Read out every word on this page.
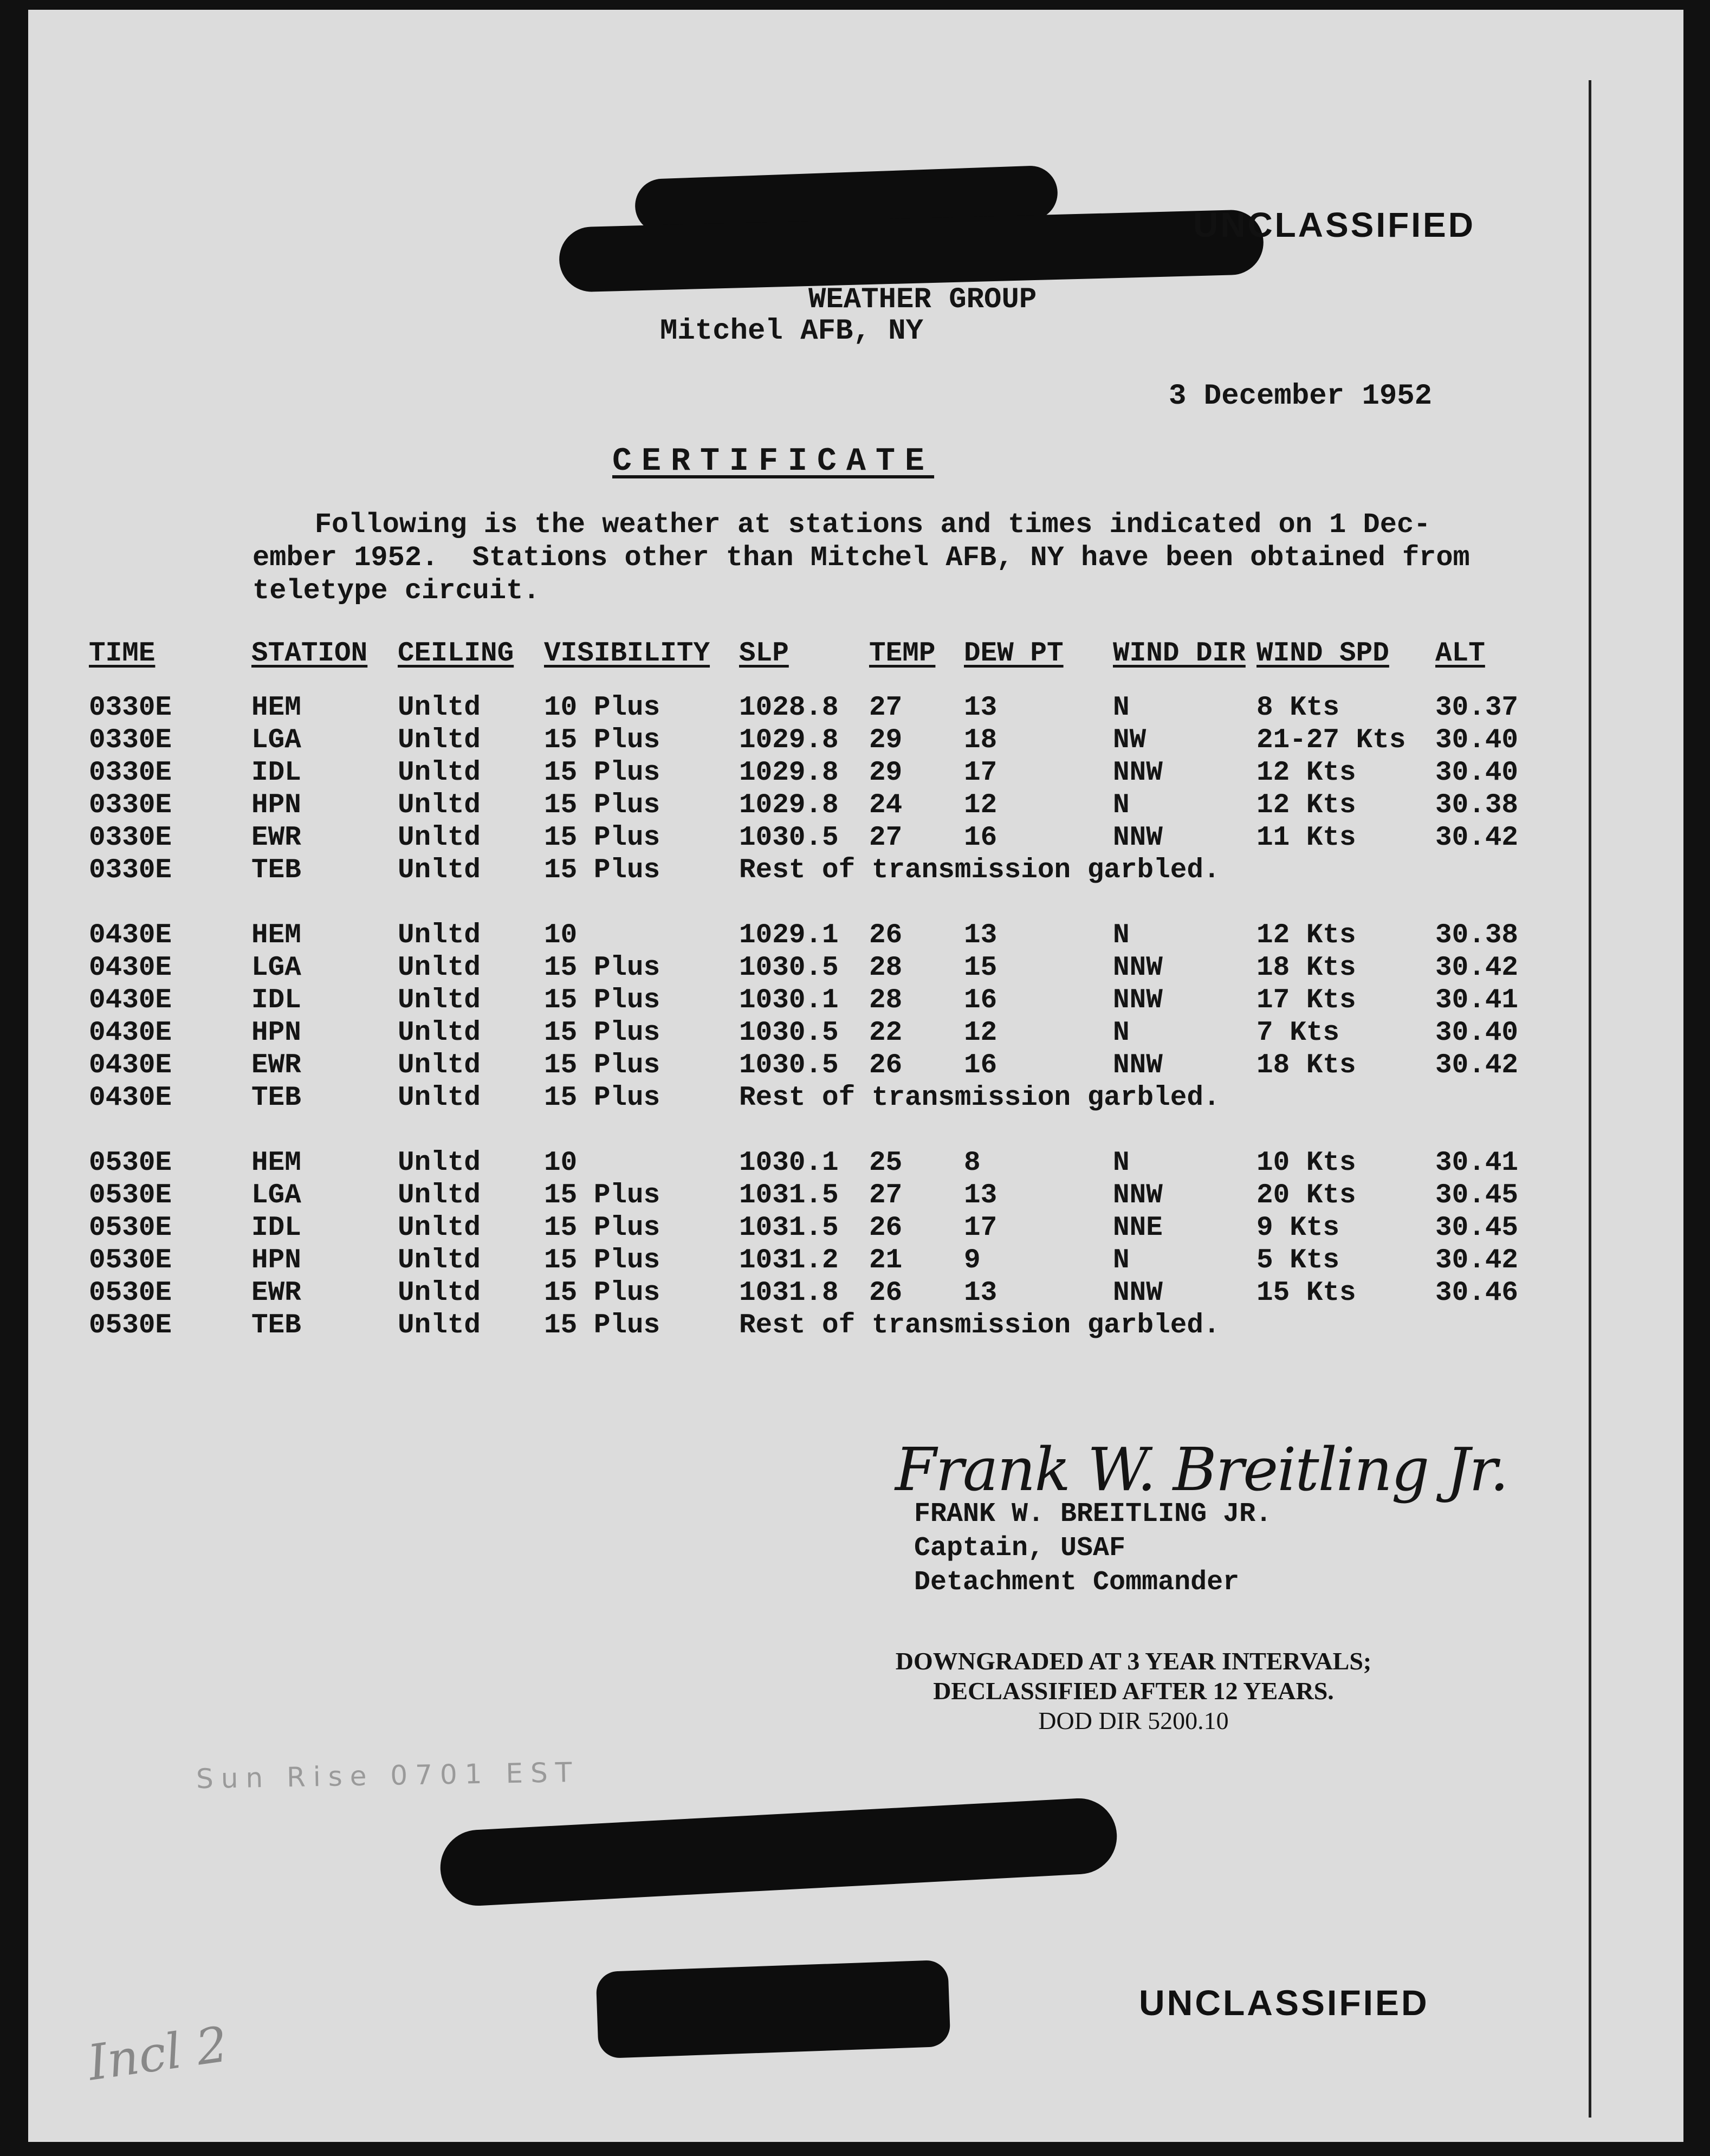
UNCLASSIFIED
WEATHER GROUP
Mitchel AFB, NY
3 December 1952
CERTIFICATE
Following is the weather at stations and times indicated on 1 Dec-
ember 1952.  Stations other than Mitchel AFB, NY have been obtained from
teletype circuit.
TIME	STATION	CEILING	VISIBILITY	SLP	TEMP	DEW PT	WIND DIR	WIND SPD	ALT
0330E	HEM	Unltd	10 Plus	1028.8	27	13	N	8 Kts	30.37
0330E	LGA	Unltd	15 Plus	1029.8	29	18	NW	21-27 Kts	30.40
0330E	IDL	Unltd	15 Plus	1029.8	29	17	NNW	12 Kts	30.40
0330E	HPN	Unltd	15 Plus	1029.8	24	12	N	12 Kts	30.38
0330E	EWR	Unltd	15 Plus	1030.5	27	16	NNW	11 Kts	30.42
0330E	TEB	Unltd	15 Plus	Rest of transmission garbled.					

0430E	HEM	Unltd	10	1029.1	26	13	N	12 Kts	30.38
0430E	LGA	Unltd	15 Plus	1030.5	28	15	NNW	18 Kts	30.42
0430E	IDL	Unltd	15 Plus	1030.1	28	16	NNW	17 Kts	30.41
0430E	HPN	Unltd	15 Plus	1030.5	22	12	N	7 Kts	30.40
0430E	EWR	Unltd	15 Plus	1030.5	26	16	NNW	18 Kts	30.42
0430E	TEB	Unltd	15 Plus	Rest of transmission garbled.					

0530E	HEM	Unltd	10	1030.1	25	8	N	10 Kts	30.41
0530E	LGA	Unltd	15 Plus	1031.5	27	13	NNW	20 Kts	30.45
0530E	IDL	Unltd	15 Plus	1031.5	26	17	NNE	9 Kts	30.45
0530E	HPN	Unltd	15 Plus	1031.2	21	9	N	5 Kts	30.42
0530E	EWR	Unltd	15 Plus	1031.8	26	13	NNW	15 Kts	30.46
0530E	TEB	Unltd	15 Plus	Rest of transmission garbled.					
Frank W. Breitling Jr.
FRANK W. BREITLING JR.
Captain, USAF
Detachment Commander
DOWNGRADED AT 3 YEAR INTERVALS;
DECLASSIFIED AFTER 12 YEARS.
DOD DIR 5200.10
Sun Rise 0701 EST
UNCLASSIFIED
Incl 2
